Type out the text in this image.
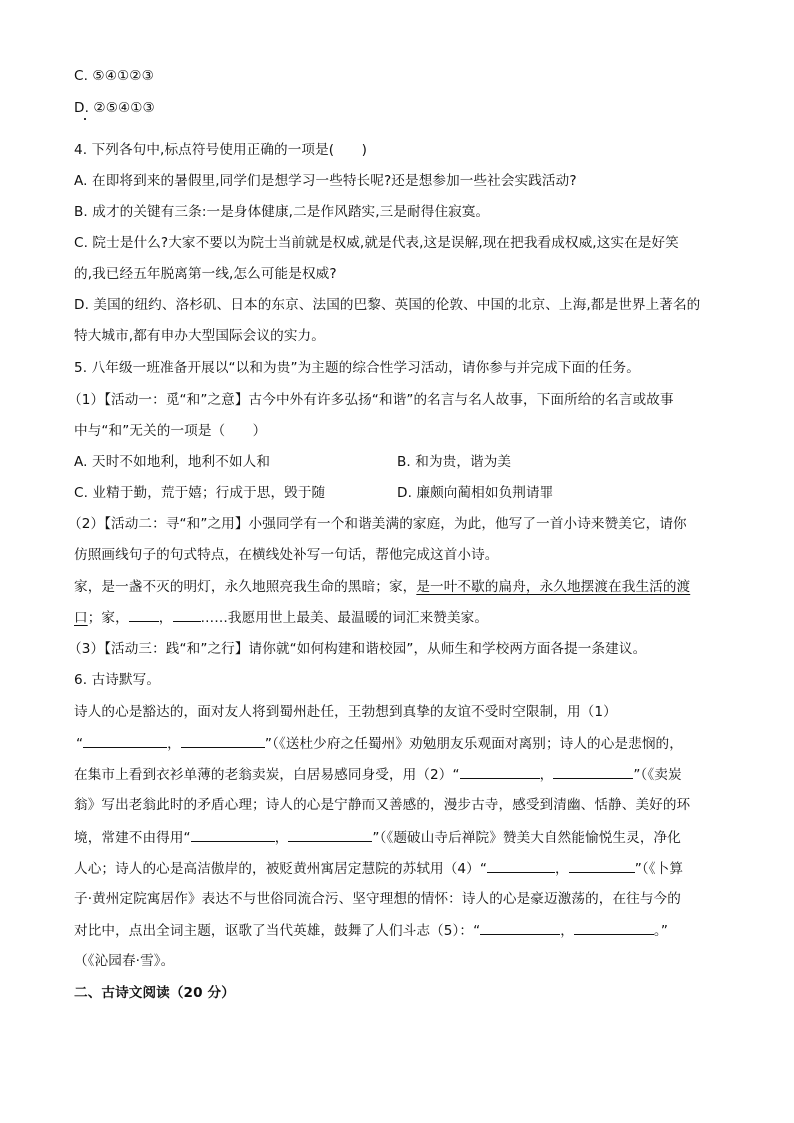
C. ⑤④①②③
D. ②⑤④①③
4. 下列各句中,标点符号使用正确的一项是(　　)
A. 在即将到来的暑假里,同学们是想学习一些特长呢?还是想参加一些社会实践活动?
B. 成才的关键有三条:一是身体健康,二是作风踏实,三是耐得住寂寞。
C. 院士是什么?大家不要以为院士当前就是权威,就是代表,这是误解,现在把我看成权威,这实在是好笑
的,我已经五年脱离第一线,怎么可能是权威?
D. 美国的纽约、洛杉矶、日本的东京、法国的巴黎、英国的伦敦、中国的北京、上海,都是世界上著名的
特大城市,都有申办大型国际会议的实力。
5. 八年级一班准备开展以“以和为贵”为主题的综合性学习活动，请你参与并完成下面的任务。
（1）【活动一：觅“和”之意】古今中外有许多弘扬“和谐”的名言与名人故事，下面所给的名言或故事
中与“和”无关的一项是（　　）
A. 天时不如地利，地利不如人和	B. 和为贵，谐为美
C. 业精于勤，荒于嬉；行成于思，毁于随	D. 廉颇向蔺相如负荆请罪
（2）【活动二：寻“和”之用】小强同学有一个和谐美满的家庭，为此，他写了一首小诗来赞美它，请你
仿照画线句子的句式特点，在横线处补写一句话，帮他完成这首小诗。
家，是一盏不灭的明灯，永久地照亮我生命的黑暗；家，是一叶不歇的扁舟，永久地摆渡在我生活的渡
口；家， ， ……我愿用世上最美、最温暖的词汇来赞美家。
（3）【活动三：践“和”之行】请你就“如何构建和谐校园”，从师生和学校两方面各提一条建议。
6. 古诗默写。
诗人的心是豁达的，面对友人将到蜀州赴任，王勃想到真挚的友谊不受时空限制，用（1）
“	，	”（《送杜少府之任蜀州》劝勉朋友乐观面对离别；诗人的心是悲悯的，
在集市上看到衣衫单薄的老翁卖炭，白居易感同身受，用（2）“	，	”（《卖炭
翁》写出老翁此时的矛盾心理；诗人的心是宁静而又善感的，漫步古寺，感受到清幽、恬静、美好的环
境，常建不由得用“	，	”（《题破山寺后禅院》赞美大自然能愉悦生灵，净化
人心；诗人的心是高洁傲岸的，被贬黄州寓居定慧院的苏轼用（4）“	，	”（《卜算
子·黄州定院寓居作》表达不与世俗同流合污、坚守理想的情怀：诗人的心是豪迈激荡的，在往与今的
对比中，点出全词主题，讴歌了当代英雄，鼓舞了人们斗志（5）：“	，	。”
（《沁园春·雪》。
二、古诗文阅读（20 分）
